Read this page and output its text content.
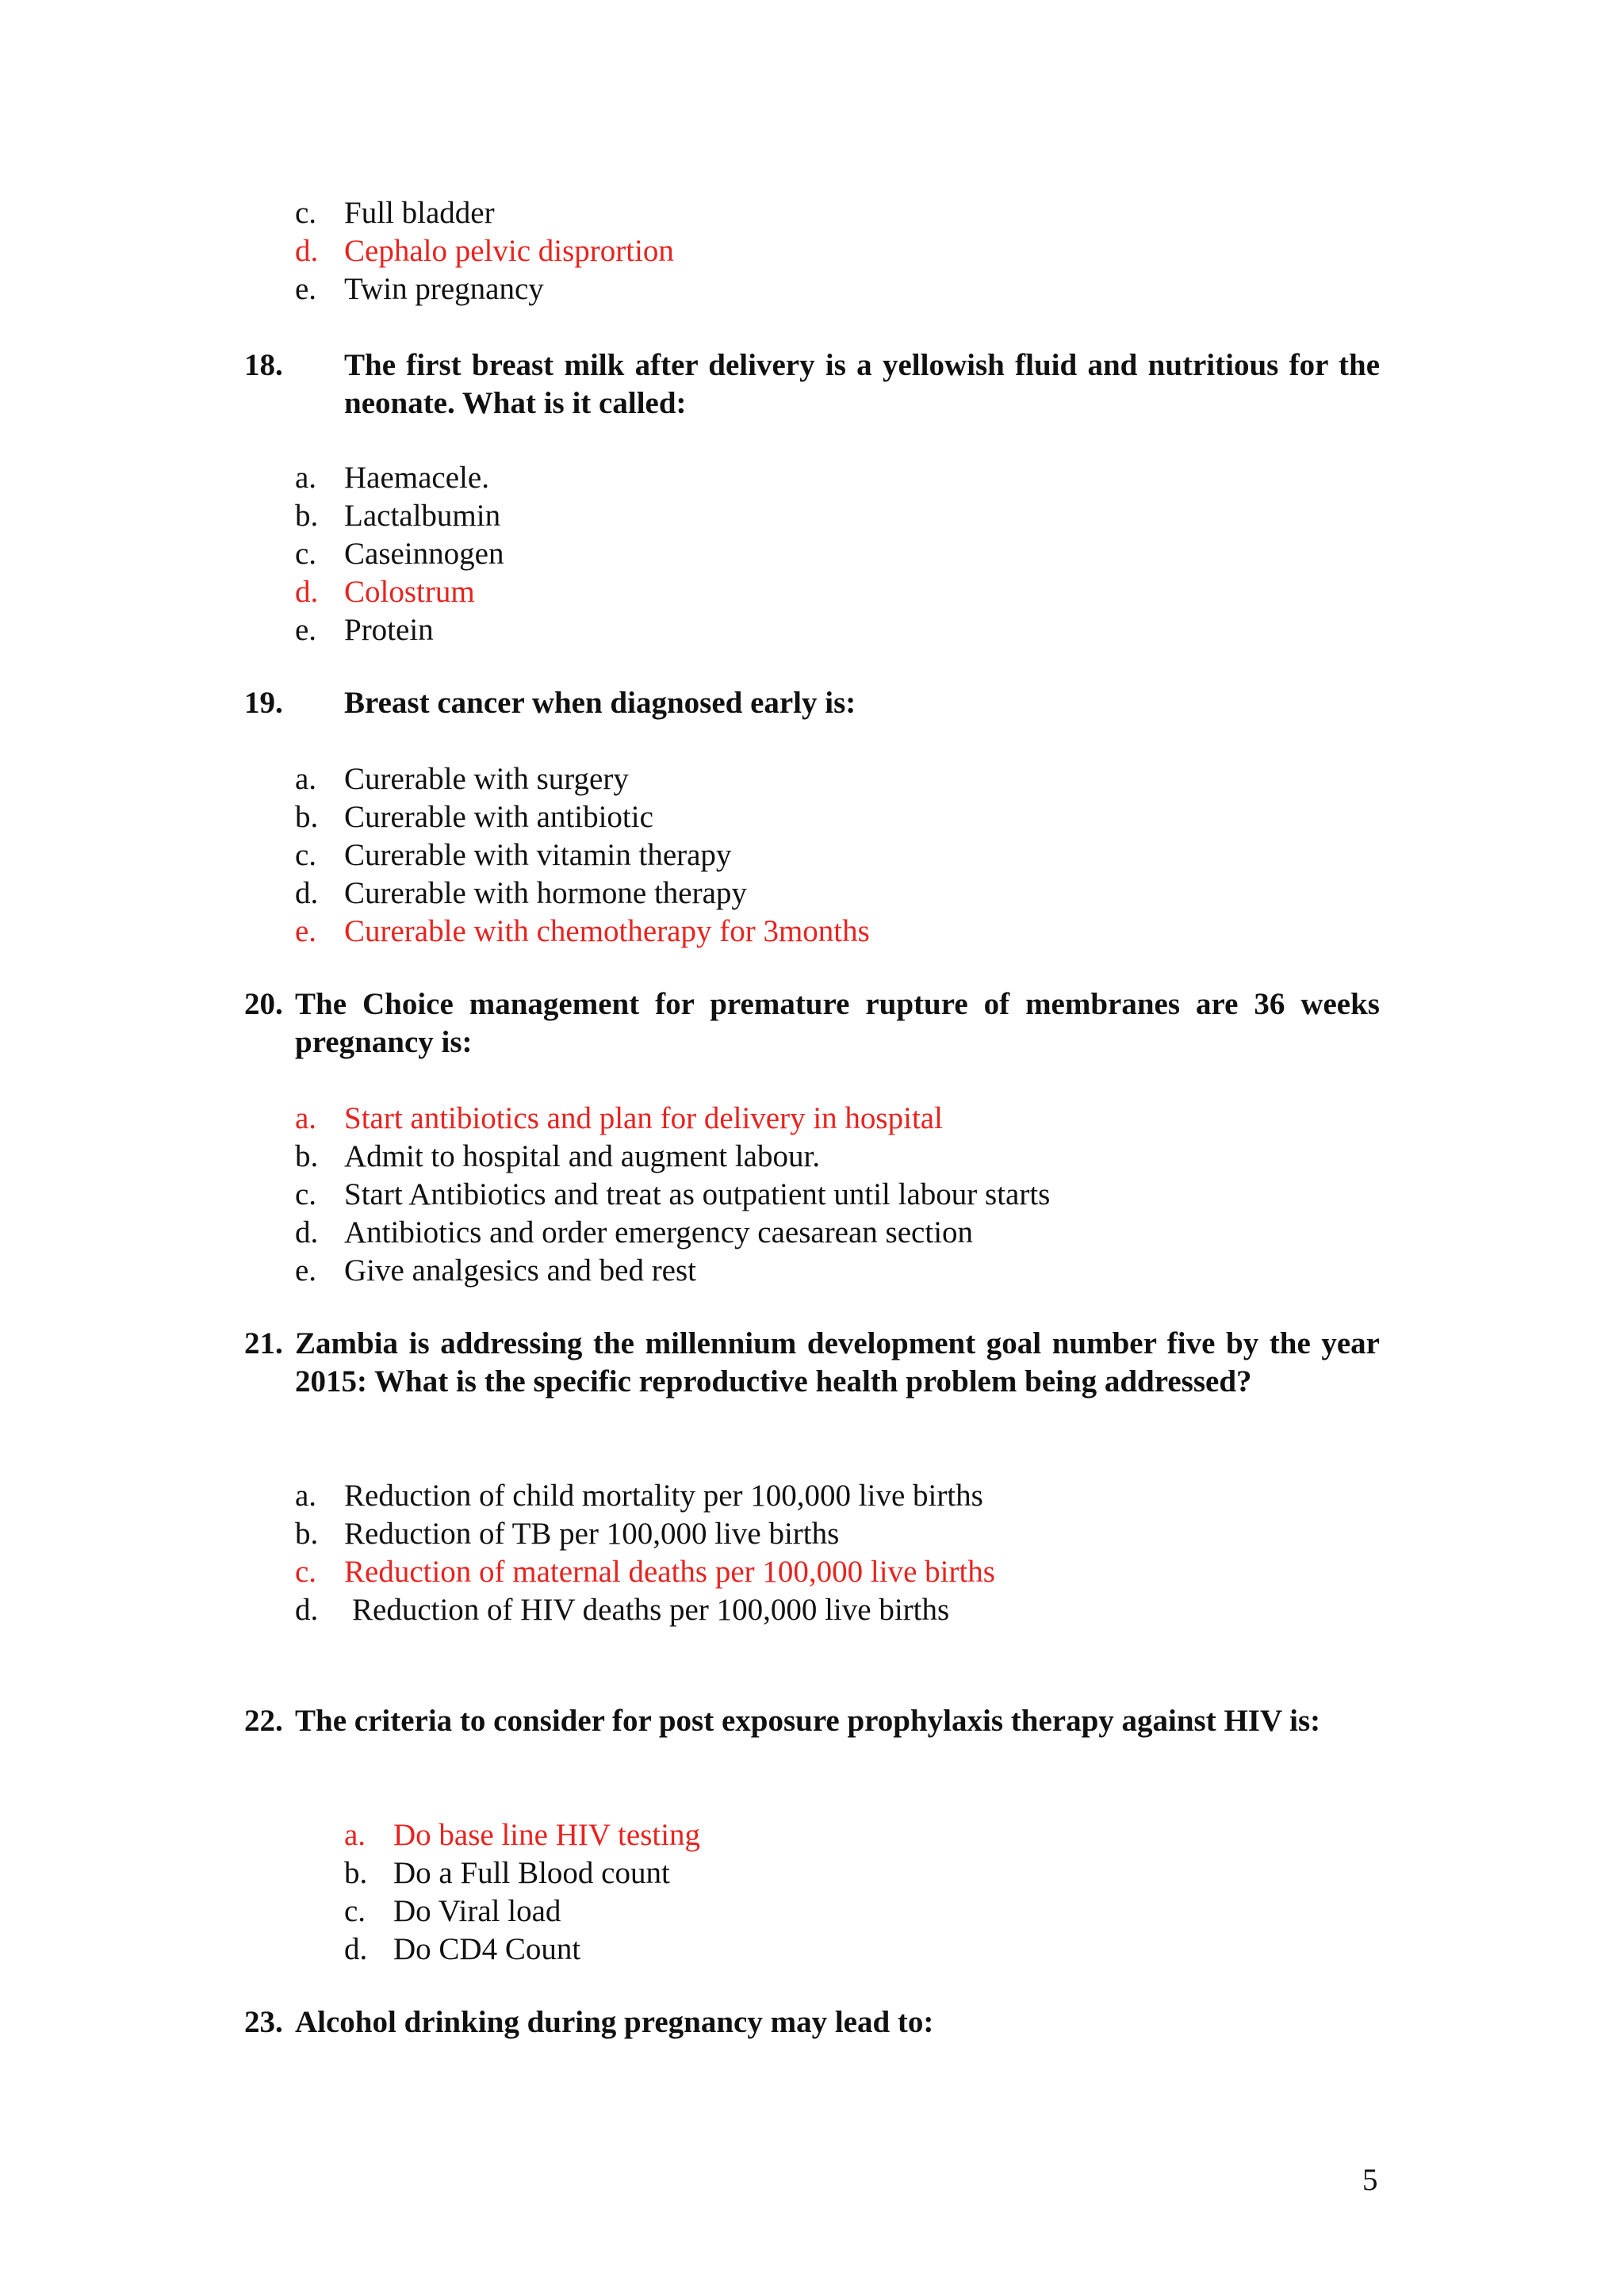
c. Full bladder
d. Cephalo pelvic disprortion
e. Twin pregnancy
18. The first breast milk after delivery is a yellowish fluid and nutritious for the neonate. What is it called:
a. Haemacele.
b. Lactalbumin
c. Caseinnogen
d. Colostrum
e. Protein
19. Breast cancer when diagnosed early is:
a. Curerable with surgery
b. Curerable with antibiotic
c. Curerable with vitamin therapy
d. Curerable with hormone therapy
e. Curerable with chemotherapy for 3months
20. The Choice management for premature rupture of membranes are 36 weeks pregnancy is:
a. Start antibiotics and plan for delivery in hospital
b. Admit to hospital and augment labour.
c. Start Antibiotics and treat as outpatient until labour starts
d. Antibiotics and order emergency caesarean section
e. Give analgesics and bed rest
21. Zambia is addressing the millennium development goal number five by the year 2015: What is the specific reproductive health problem being addressed?
a. Reduction of child mortality per 100,000 live births
b. Reduction of TB per 100,000 live births
c. Reduction of maternal deaths per 100,000 live births
d. Reduction of HIV deaths per 100,000 live births
22. The criteria to consider for post exposure prophylaxis therapy against HIV is:
a. Do base line HIV testing
b. Do a Full Blood count
c. Do Viral load
d. Do CD4 Count
23. Alcohol drinking during pregnancy may lead to:
5
